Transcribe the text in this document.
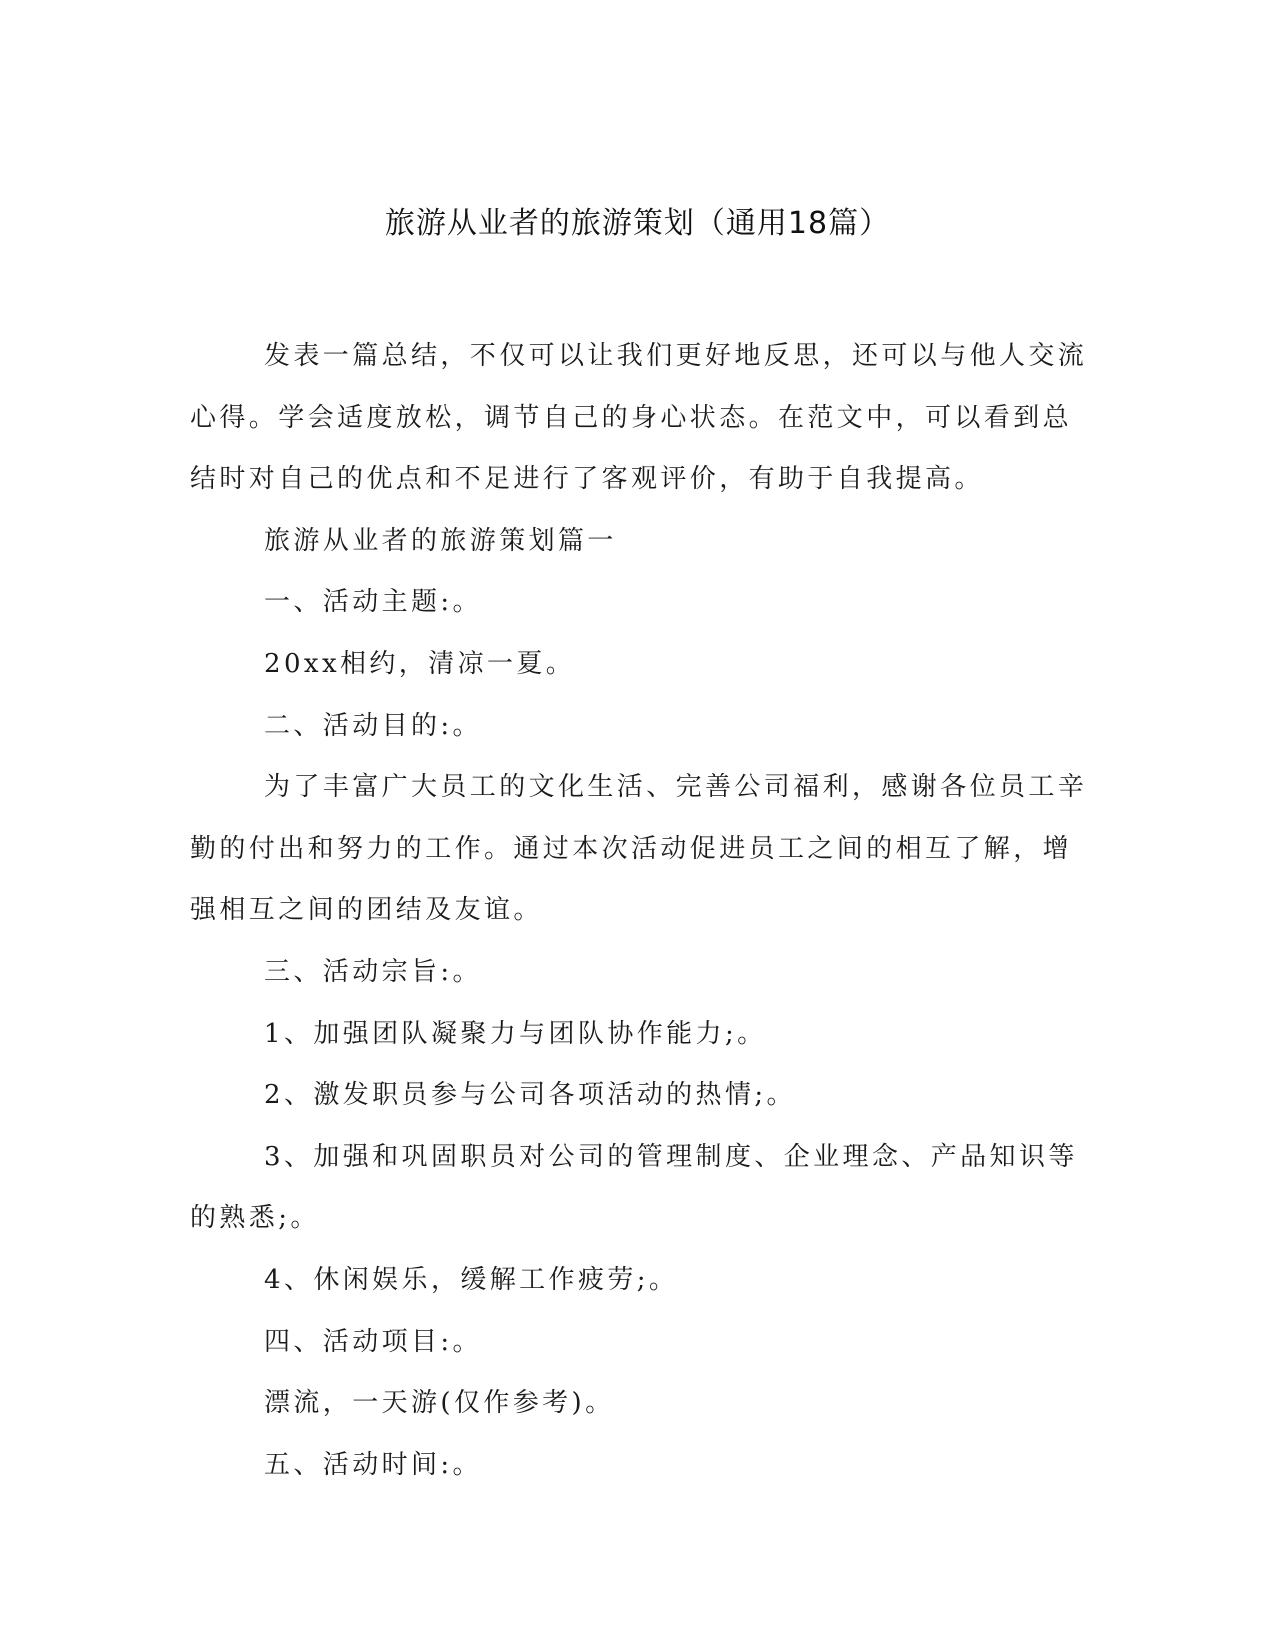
旅游从业者的旅游策划（通用18篇）

发表一篇总结，不仅可以让我们更好地反思，还可以与他人交流心得。学会适度放松，调节自己的身心状态。在范文中，可以看到总结时对自己的优点和不足进行了客观评价，有助于自我提高。

旅游从业者的旅游策划篇一

一、活动主题:。

20xx相约，清凉一夏。

二、活动目的:。

为了丰富广大员工的文化生活、完善公司福利，感谢各位员工辛勤的付出和努力的工作。通过本次活动促进员工之间的相互了解，增强相互之间的团结及友谊。

三、活动宗旨:。

1、加强团队凝聚力与团队协作能力;。

2、激发职员参与公司各项活动的热情;。

3、加强和巩固职员对公司的管理制度、企业理念、产品知识等的熟悉;。

4、休闲娱乐，缓解工作疲劳;。

四、活动项目:。

漂流，一天游(仅作参考)。

五、活动时间:。
